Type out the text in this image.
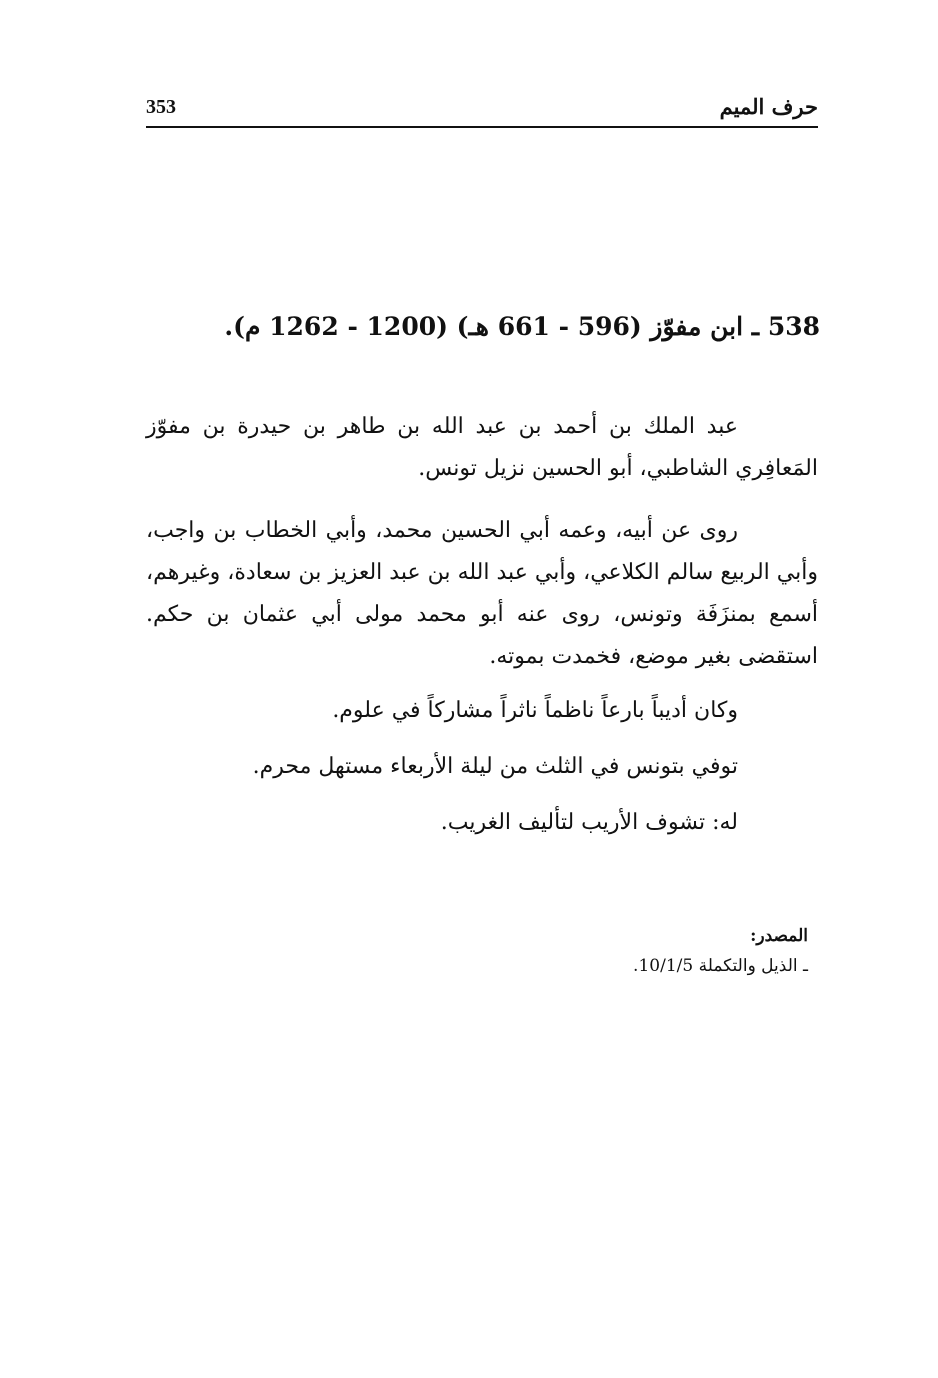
353	حرف الميم
538 ـ ابن مفوّز (596 - 661 هـ) (1200 - 1262 م).
عبد الملك بن أحمد بن عبد الله بن طاهر بن حيدرة بن مفوّز المَعافِري الشاطبي، أبو الحسين نزيل تونس.
روى عن أبيه، وعمه أبي الحسين محمد، وأبي الخطاب بن واجب، وأبي الربيع سالم الكلاعي، وأبي عبد الله بن عبد العزيز بن سعادة، وغيرهم، أسمع بمنزَفَة وتونس، روى عنه أبو محمد مولى أبي عثمان بن حكم. استقضى بغير موضع، فخمدت بموته.
وكان أديباً بارعاً ناظماً ناثراً مشاركاً في علوم.
توفي بتونس في الثلث من ليلة الأربعاء مستهل محرم.
له: تشوف الأريب لتأليف الغريب.
المصدر:
ـ الذيل والتكملة 10/1/5.
